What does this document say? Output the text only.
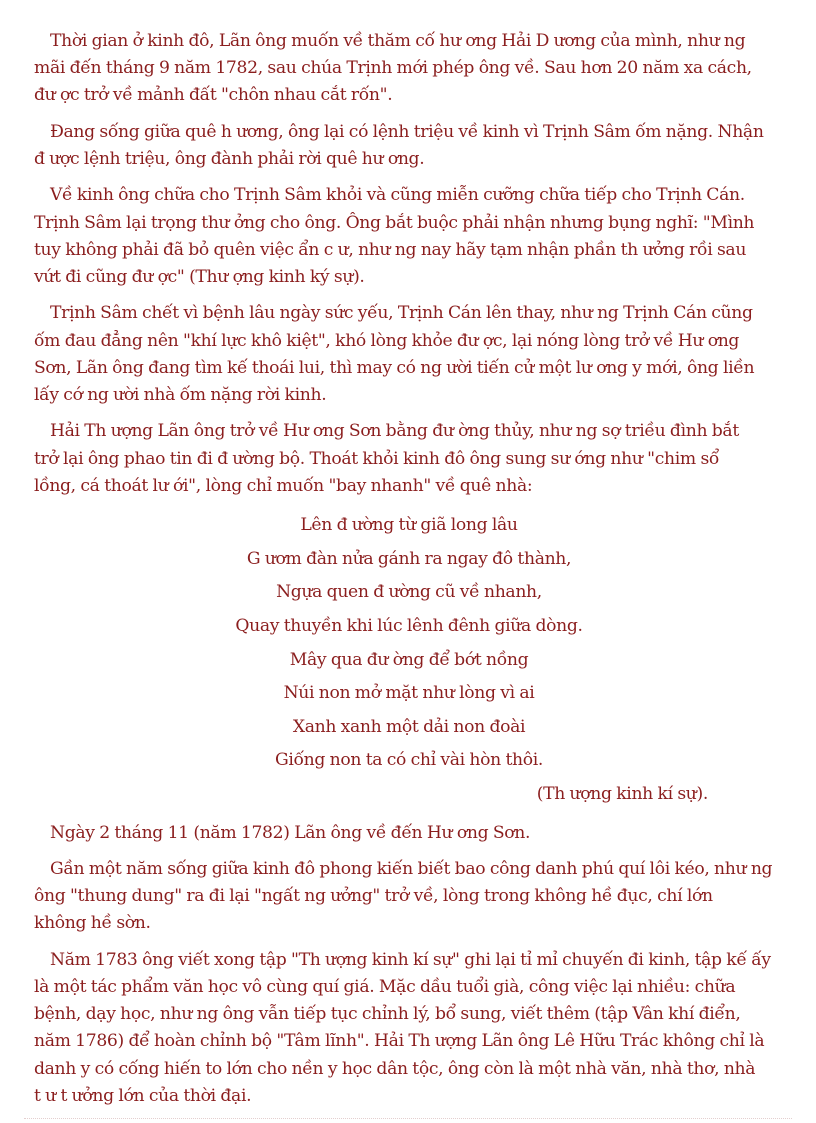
Thời gian ở kinh đô, Lãn ông muốn về thăm cố hư ơng Hải D ương của mình, như ng
mãi đến tháng 9 năm 1782, sau chúa Trịnh mới phép ông về. Sau hơn 20 năm xa cách,
đư ợc trở về mảnh đất "chôn nhau cắt rốn".
Đang sống giữa quê h ương, ông lại có lệnh triệu về kinh vì Trịnh Sâm ốm nặng. Nhận
đ ược lệnh triệu, ông đành phải rời quê hư ơng.
Về kinh ông chữa cho Trịnh Sâm khỏi và cũng miễn cưỡng chữa tiếp cho Trịnh Cán.
Trịnh Sâm lại trọng thư ởng cho ông. Ông bắt buộc phải nhận nhưng bụng nghĩ: "Mình
tuy không phải đã bỏ quên việc ẩn c ư, như ng nay hãy tạm nhận phần th ưởng rồi sau
vứt đi cũng đư ợc" (Thư ợng kinh ký sự).
Trịnh Sâm chết vì bệnh lâu ngày sức yếu, Trịnh Cán lên thay, như ng Trịnh Cán cũng
ốm đau đẳng nên "khí lực khô kiệt", khó lòng khỏe đư ợc, lại nóng lòng trở về Hư ơng
Sơn, Lãn ông đang tìm kế thoái lui, thì may có ng ười tiến cử một lư ơng y mới, ông liền
lấy cớ ng ười nhà ốm nặng rời kinh.
Hải Th ượng Lãn ông trở về Hư ơng Sơn bằng đư ờng thủy, như ng sợ triều đình bắt
trở lại ông phao tin đi đ ường bộ. Thoát khỏi kinh đô ông sung sư ớng như "chim sổ
lồng, cá thoát lư ới", lòng chỉ muốn "bay nhanh" về quê nhà:
Lên đ ường từ giã long lâu
G ươm đàn nửa gánh ra ngay đô thành,
Ngựa quen đ ường cũ về nhanh,
Quay thuyền khi lúc lênh đênh giữa dòng.
Mây qua đư ờng để bớt nồng
Núi non mở mặt như lòng vì ai
Xanh xanh một dải non đoài
Giống non ta có chỉ vài hòn thôi.
(Th ượng kinh kí sự).
Ngày 2 tháng 11 (năm 1782) Lãn ông về đến Hư ơng Sơn.
Gần một năm sống giữa kinh đô phong kiến biết bao công danh phú quí lôi kéo, như ng
ông "thung dung" ra đi lại "ngất ng ưởng" trở về, lòng trong không hề đục, chí lớn
không hề sờn.
Năm 1783 ông viết xong tập "Th ượng kinh kí sự" ghi lại tỉ mỉ chuyến đi kinh, tập kế ấy
là một tác phẩm văn học vô cùng quí giá. Mặc dầu tuổi già, công việc lại nhiều: chữa
bệnh, dạy học, như ng ông vẫn tiếp tục chỉnh lý, bổ sung, viết thêm (tập Vân khí điển,
năm 1786) để hoàn chỉnh bộ "Tâm lĩnh". Hải Th ượng Lãn ông Lê Hữu Trác không chỉ là
danh y có cống hiến to lớn cho nền y học dân tộc, ông còn là một nhà văn, nhà thơ, nhà
t ư t ưởng lớn của thời đại.
